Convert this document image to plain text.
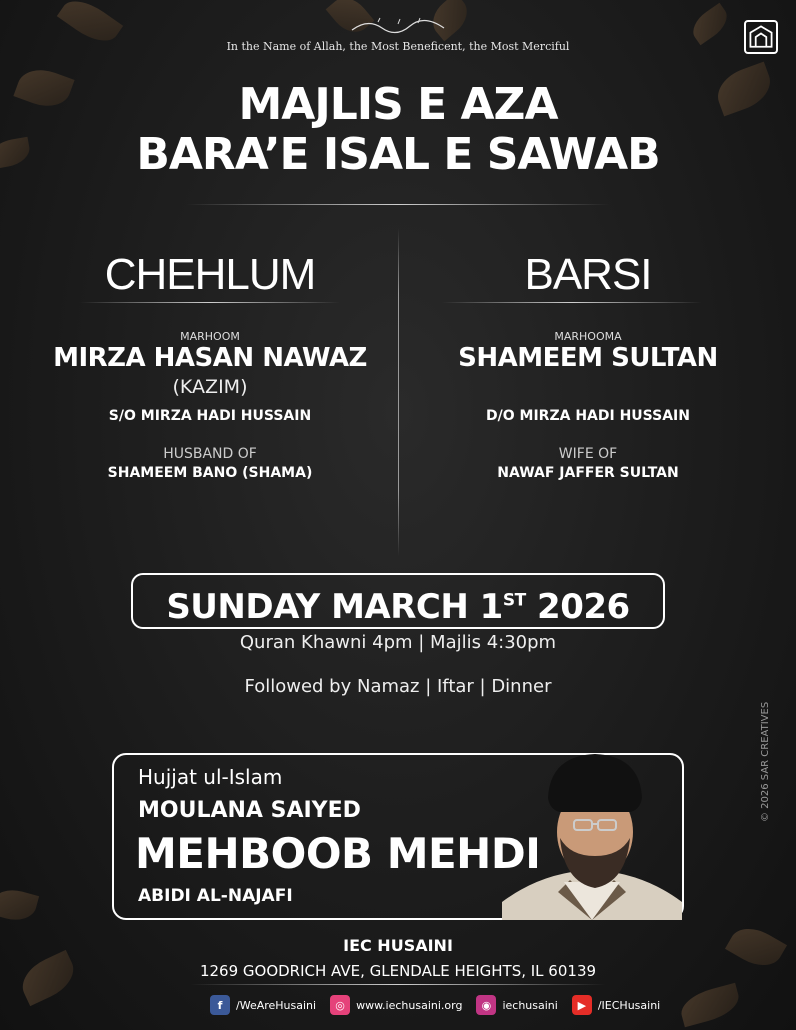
In the Name of Allah, the Most Beneficent, the Most Merciful
MAJLIS E AZA
BARA’E ISAL E SAWAB
CHEHLUM
MARHOOM
MIRZA HASAN NAWAZ
(KAZIM)
S/O MIRZA HADI HUSSAIN
HUSBAND OF
SHAMEEM BANO (SHAMA)
BARSI
MARHOOMA
SHAMEEM SULTAN
D/O MIRZA HADI HUSSAIN
WIFE OF
NAWAF JAFFER SULTAN
SUNDAY MARCH 1ST 2026
Quran Khawni 4pm | Majlis 4:30pm
Followed by Namaz | Iftar | Dinner
Hujjat ul-Islam
MOULANA SAIYED
MEHBOOB MEHDI
ABIDI AL-NAJAFI
IEC HUSAINI
1269 GOODRICH AVE, GLENDALE HEIGHTS, IL 60139
f	/WeAreHusaini	◎	www.iechusaini.org	◉	iechusaini	▶	/IECHusaini
© 2026 SAR CREATIVES
